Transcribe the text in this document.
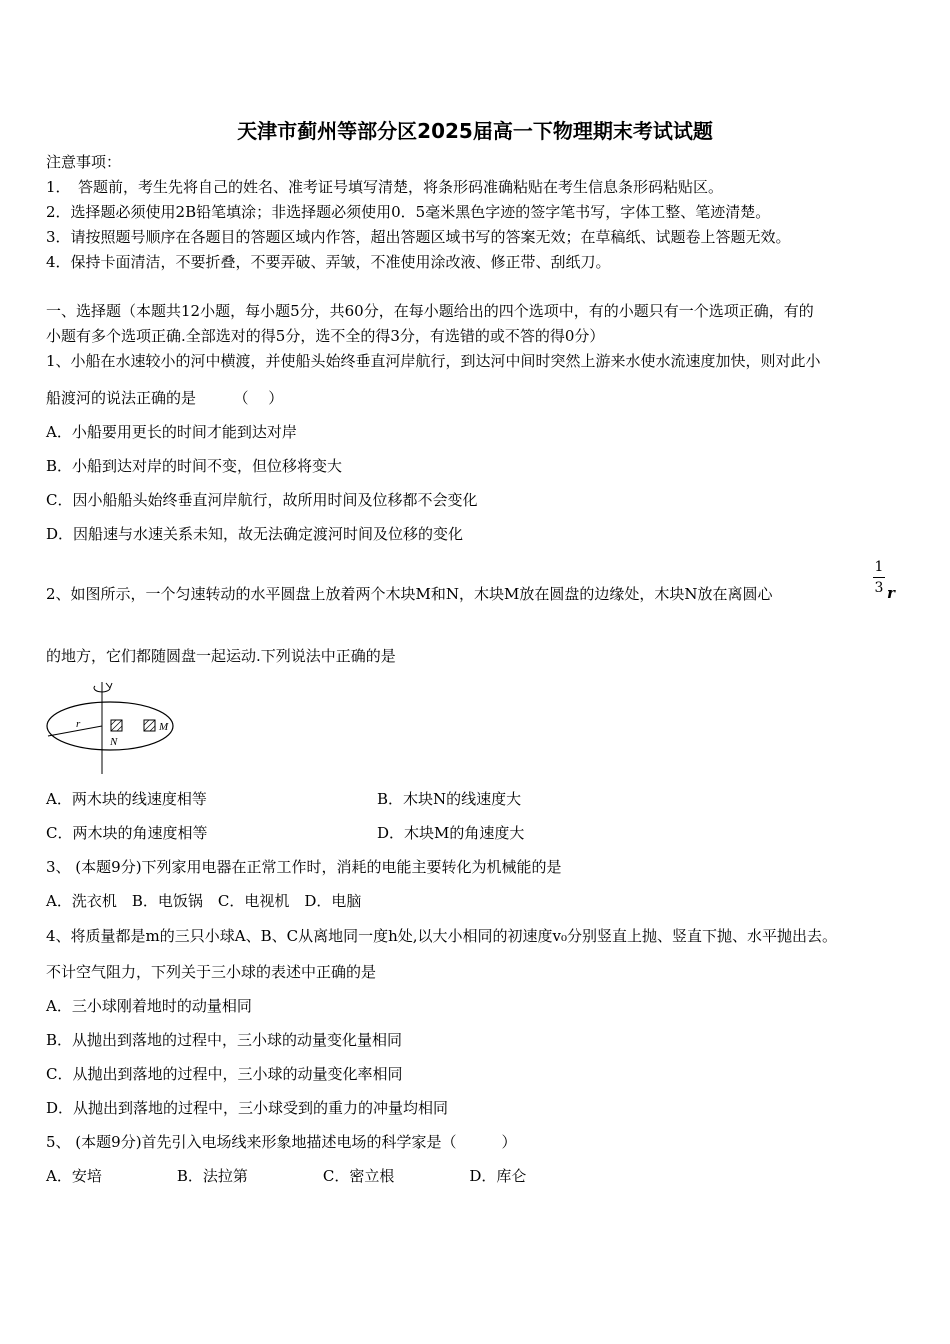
天津市蓟州等部分区2025届高一下物理期末考试试题
注意事项：
1．　答题前，考生先将自己的姓名、准考证号填写清楚，将条形码准确粘贴在考生信息条形码粘贴区。
2．选择题必须使用2B铅笔填涂；非选择题必须使用0．5毫米黑色字迹的签字笔书写，字体工整、笔迹清楚。
3．请按照题号顺序在各题目的答题区域内作答，超出答题区域书写的答案无效；在草稿纸、试题卷上答题无效。
4．保持卡面清洁，不要折叠，不要弄破、弄皱，不准使用涂改液、修正带、刮纸刀。
一、选择题（本题共12小题，每小题5分，共60分，在每小题给出的四个选项中，有的小题只有一个选项正确，有的
小题有多个选项正确.全部选对的得5分，选不全的得3分，有选错的或不答的得0分）
1、小船在水速较小的河中横渡，并使船头始终垂直河岸航行，到达河中间时突然上游来水使水流速度加快，则对此小
船渡河的说法正确的是　　　（　 ）
A．小船要用更长的时间才能到达对岸
B．小船到达对岸的时间不变，但位移将变大
C．因小船船头始终垂直河岸航行，故所用时间及位移都不会变化
D．因船速与水速关系未知，故无法确定渡河时间及位移的变化
2、如图所示，一个匀速转动的水平圆盘上放着两个木块M和N，木块M放在圆盘的边缘处，木块N放在离圆心
1
3 r
的地方，它们都随圆盘一起运动.下列说法中正确的是
r
N
M
A．两木块的线速度相等	B．木块N的线速度大
C．两木块的角速度相等	D．木块M的角速度大
3、 (本题9分)下列家用电器在正常工作时，消耗的电能主要转化为机械能的是
A．洗衣机　B．电饭锅　C．电视机　D．电脑
4、将质量都是m的三只小球A、B、C从离地同一度h处,以大小相同的初速度v₀分别竖直上抛、竖直下抛、水平抛出去。
不计空气阻力，下列关于三小球的表述中正确的是
A．三小球刚着地时的动量相同
B．从抛出到落地的过程中，三小球的动量变化量相同
C．从抛出到落地的过程中，三小球的动量变化率相同
D．从抛出到落地的过程中，三小球受到的重力的冲量均相同
5、 (本题9分)首先引入电场线来形象地描述电场的科学家是（　　　）
A．安培　　　　　B．法拉第　　　　　C．密立根　　　　　D．库仑
